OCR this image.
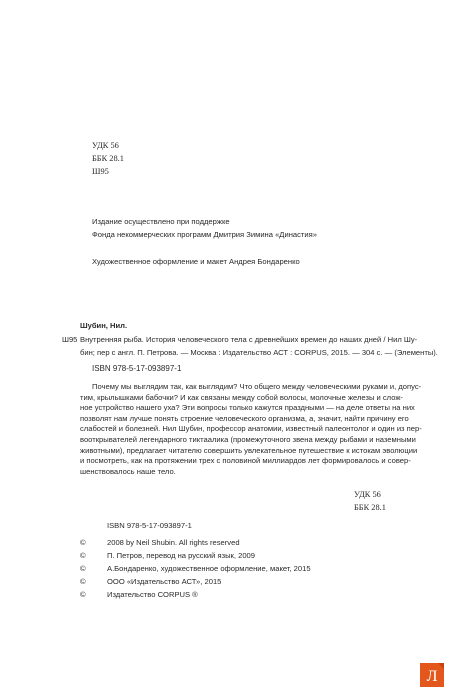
УДК 56
ББК 28.1
Ш95
Издание осуществлено при поддержке
Фонда некоммерческих программ Дмитрия Зимина «Династия»
Художественное оформление и макет Андрея Бондаренко
Шубин, Нил.
Ш95 Внутренняя рыба. История человеческого тела с древнейших времен до наших дней / Нил Шу-
бин; пер с англ. П. Петрова. — Москва : Издательство АСТ : CORPUS, 2015. — 304 с. — (Элементы).
ISBN 978-5-17-093897-1
Почему мы выглядим так, как выглядим? Что общего между человеческими руками и, допус-
тим, крылышками бабочки? И как связаны между собой волосы, молочные железы и слож-
ное устройство нашего уха? Эти вопросы только кажутся праздными — на деле ответы на них
позволят нам лучше понять строение человеческого организма, а, значит, найти причину его
слабостей и болезней. Нил Шубин, профессор анатомии, известный палеонтолог и один из пер-
вооткрывателей легендарного тиктаалика (промежуточного звена между рыбами и наземными
животными), предлагает читателю совершить увлекательное путешествие к истокам эволюции
и посмотреть, как на протяжении трех с половиной миллиардов лет формировалось и совер-
шенствовалось наше тело.
УДК 56
ББК 28.1
ISBN 978-5-17-093897-1
©	2008 by Neil Shubin. All rights reserved
©	П. Петров, перевод на русский язык, 2009
©	А.Бондаренко, художественное оформление, макет, 2015
©	ООО «Издательство АСТ», 2015
©	Издательство CORPUS ®
Л
